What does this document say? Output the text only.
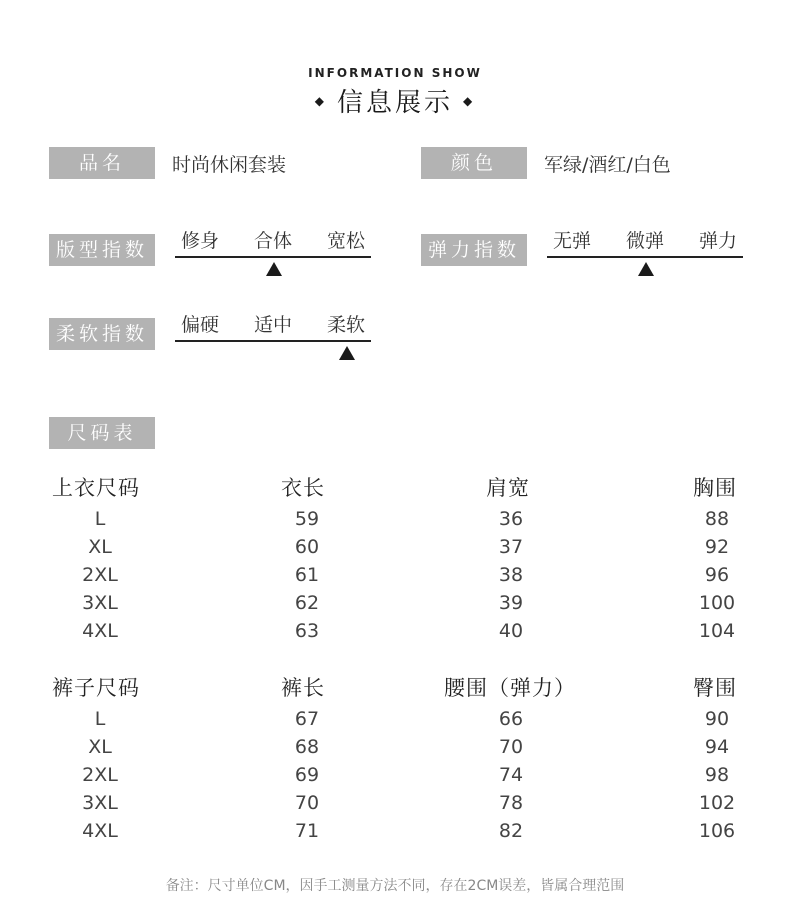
INFORMATION SHOW
◆ 信息展示 ◆
品名	时尚休闲套装	颜色	军绿/酒红/白色
版型指数	修身	合体	宽松	弹力指数	无弹	微弹	弹力
柔软指数	偏硬	适中	柔软
尺码表
上衣尺码	衣长	肩宽	胸围
L	59	36	88
XL	60	37	92
2XL	61	38	96
3XL	62	39	100
4XL	63	40	104
裤子尺码	裤长	腰围（弹力）	臀围
L	67	66	90
XL	68	70	94
2XL	69	74	98
3XL	70	78	102
4XL	71	82	106
备注：尺寸单位CM，因手工测量方法不同，存在2CM误差，皆属合理范围
